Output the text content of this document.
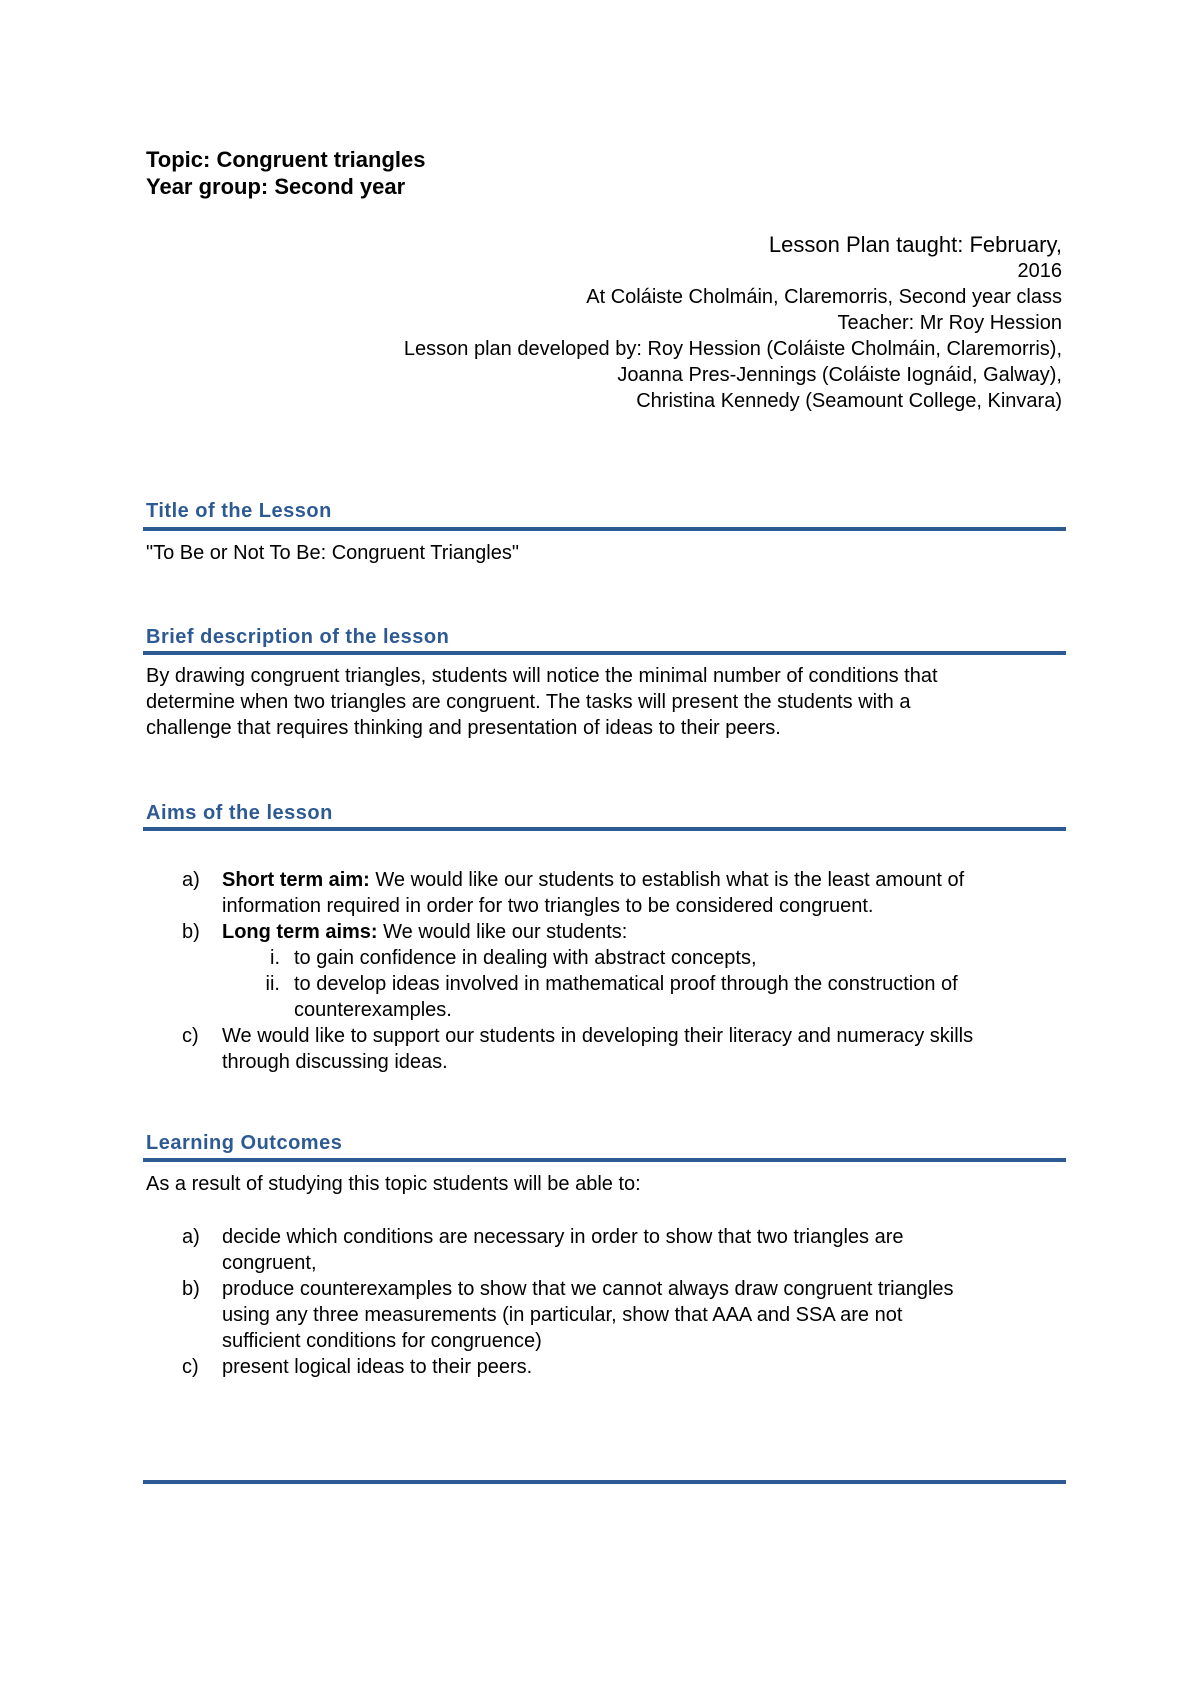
Topic: Congruent triangles
Year group: Second year
Lesson Plan taught: February,
2016
At Coláiste Cholmáin, Claremorris, Second year class
Teacher: Mr Roy Hession
Lesson plan developed by: Roy Hession (Coláiste Cholmáin, Claremorris),
Joanna Pres-Jennings (Coláiste Iognáid, Galway),
Christina Kennedy (Seamount College, Kinvara)
Title of the Lesson
"To Be or Not To Be: Congruent Triangles"
Brief description of the lesson
By drawing congruent triangles, students will notice the minimal number of conditions that
determine when two triangles are congruent. The tasks will present the students with a
challenge that requires thinking and presentation of ideas to their peers.
Aims of the lesson
a)	Short term aim: We would like our students to establish what is the least amount of
information required in order for two triangles to be considered congruent.
b)	Long term aims: We would like our students:
i. to gain confidence in dealing with abstract concepts,
ii. to develop ideas involved in mathematical proof through the construction of
counterexamples.
c)	We would like to support our students in developing their literacy and numeracy skills
through discussing ideas.
Learning Outcomes
As a result of studying this topic students will be able to:
a)	decide which conditions are necessary in order to show that two triangles are
congruent,
b)	produce counterexamples to show that we cannot always draw congruent triangles
using any three measurements (in particular, show that AAA and SSA are not
sufficient conditions for congruence)
c)	present logical ideas to their peers.
